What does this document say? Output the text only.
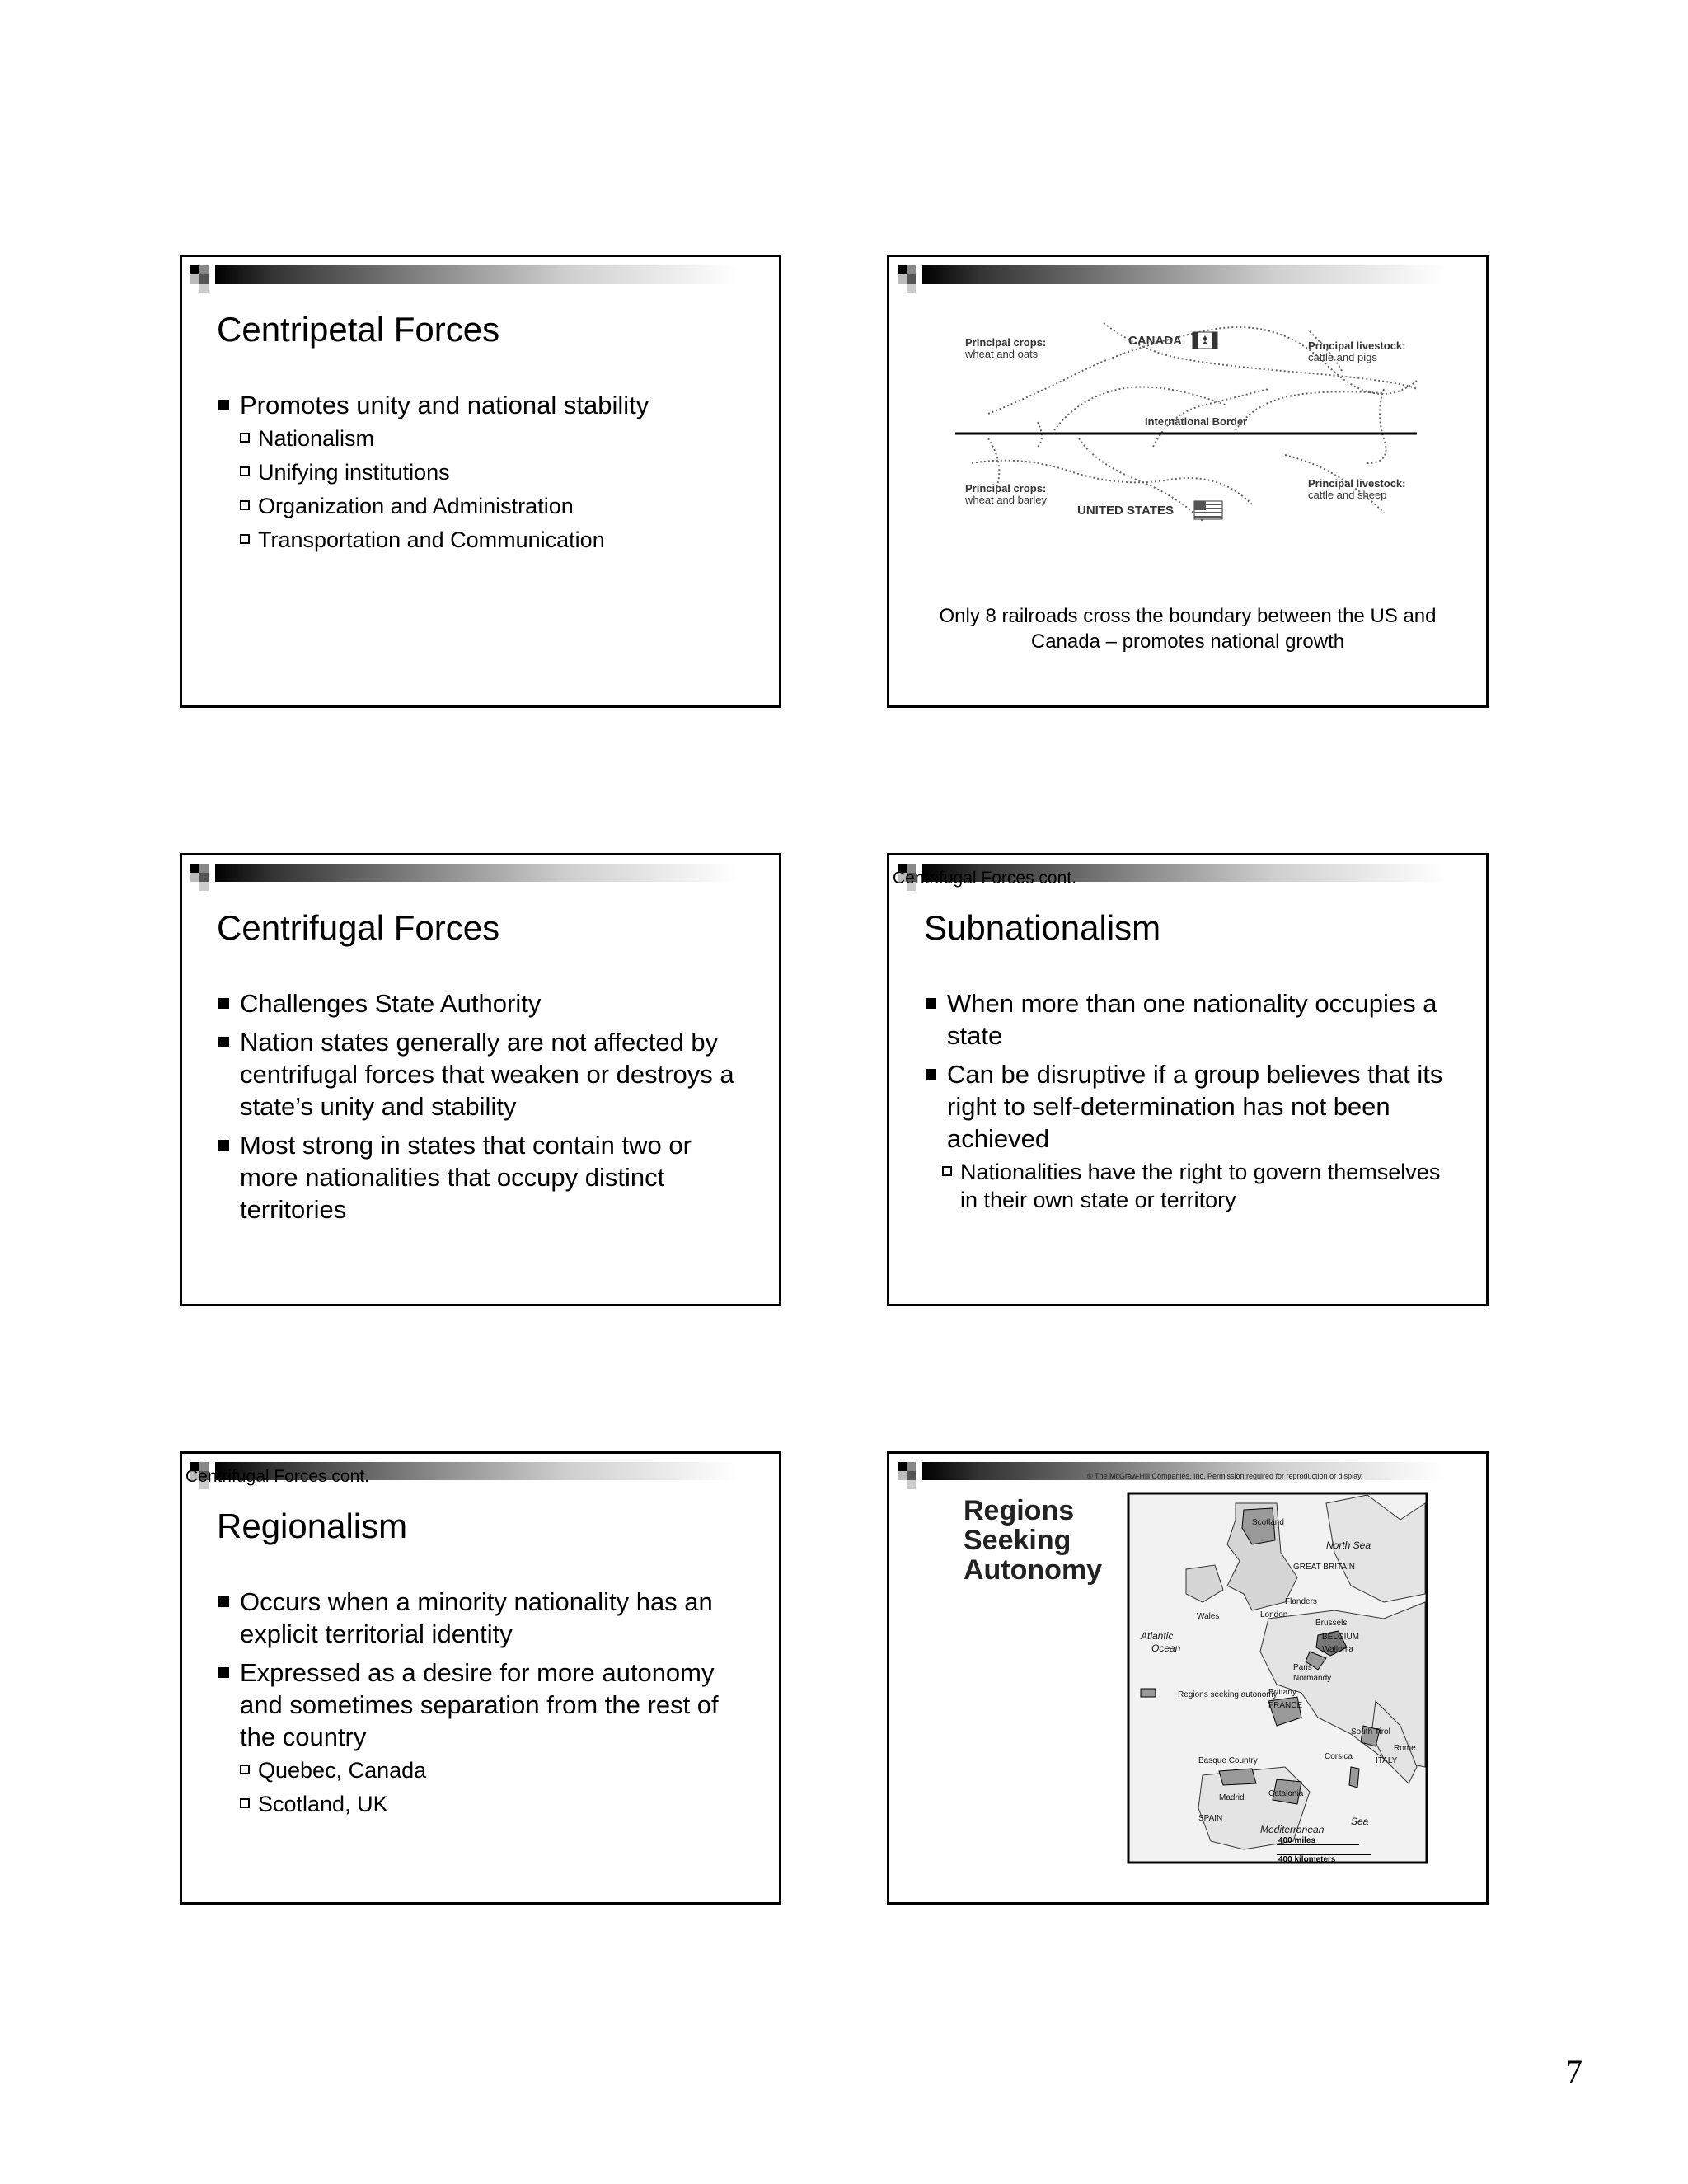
Centripetal Forces
Promotes unity and national stability
Nationalism
Unifying institutions
Organization and Administration
Transportation and Communication
Principal crops:
wheat and oats
CANADA	Principal livestock:
cattle and pigs
International Border
Principal crops:
wheat and barley
UNITED STATES
Principal livestock:
cattle and sheep
Only 8 railroads cross the boundary between the US and Canada – promotes national growth
Centrifugal Forces
Challenges State Authority
Nation states generally are not affected by centrifugal forces that weaken or destroys a state’s unity and stability
Most strong in states that contain two or more nationalities that occupy distinct territories
Centrifugal Forces cont.
Subnationalism
When more than one nationality occupies a state
Can be disruptive if a group believes that its right to self-determination has not been achieved
Nationalities have the right to govern themselves in their own state or territory
Centrifugal Forces cont.
Regionalism
Occurs when a minority nationality has an explicit territorial identity
Expressed as a desire for more autonomy and sometimes separation from the rest of the country
Quebec, Canada
Scotland, UK
© The McGraw-Hill Companies, Inc. Permission required for reproduction or display.
Regions
Seeking
Autonomy
Regions seeking autonomy
Scotland
North Sea
GREAT BRITAIN
Flanders
Wales	London
Brussels
BELGIUM
Wallonia
Atlantic
Ocean
Paris
Normandy
Brittany
FRANCE
South Tirol
ITALY
Rome
Basque Country	Corsica
Madrid	Catalonia
SPAIN
Mediterranean
Sea
400 miles
400 kilometers
7
